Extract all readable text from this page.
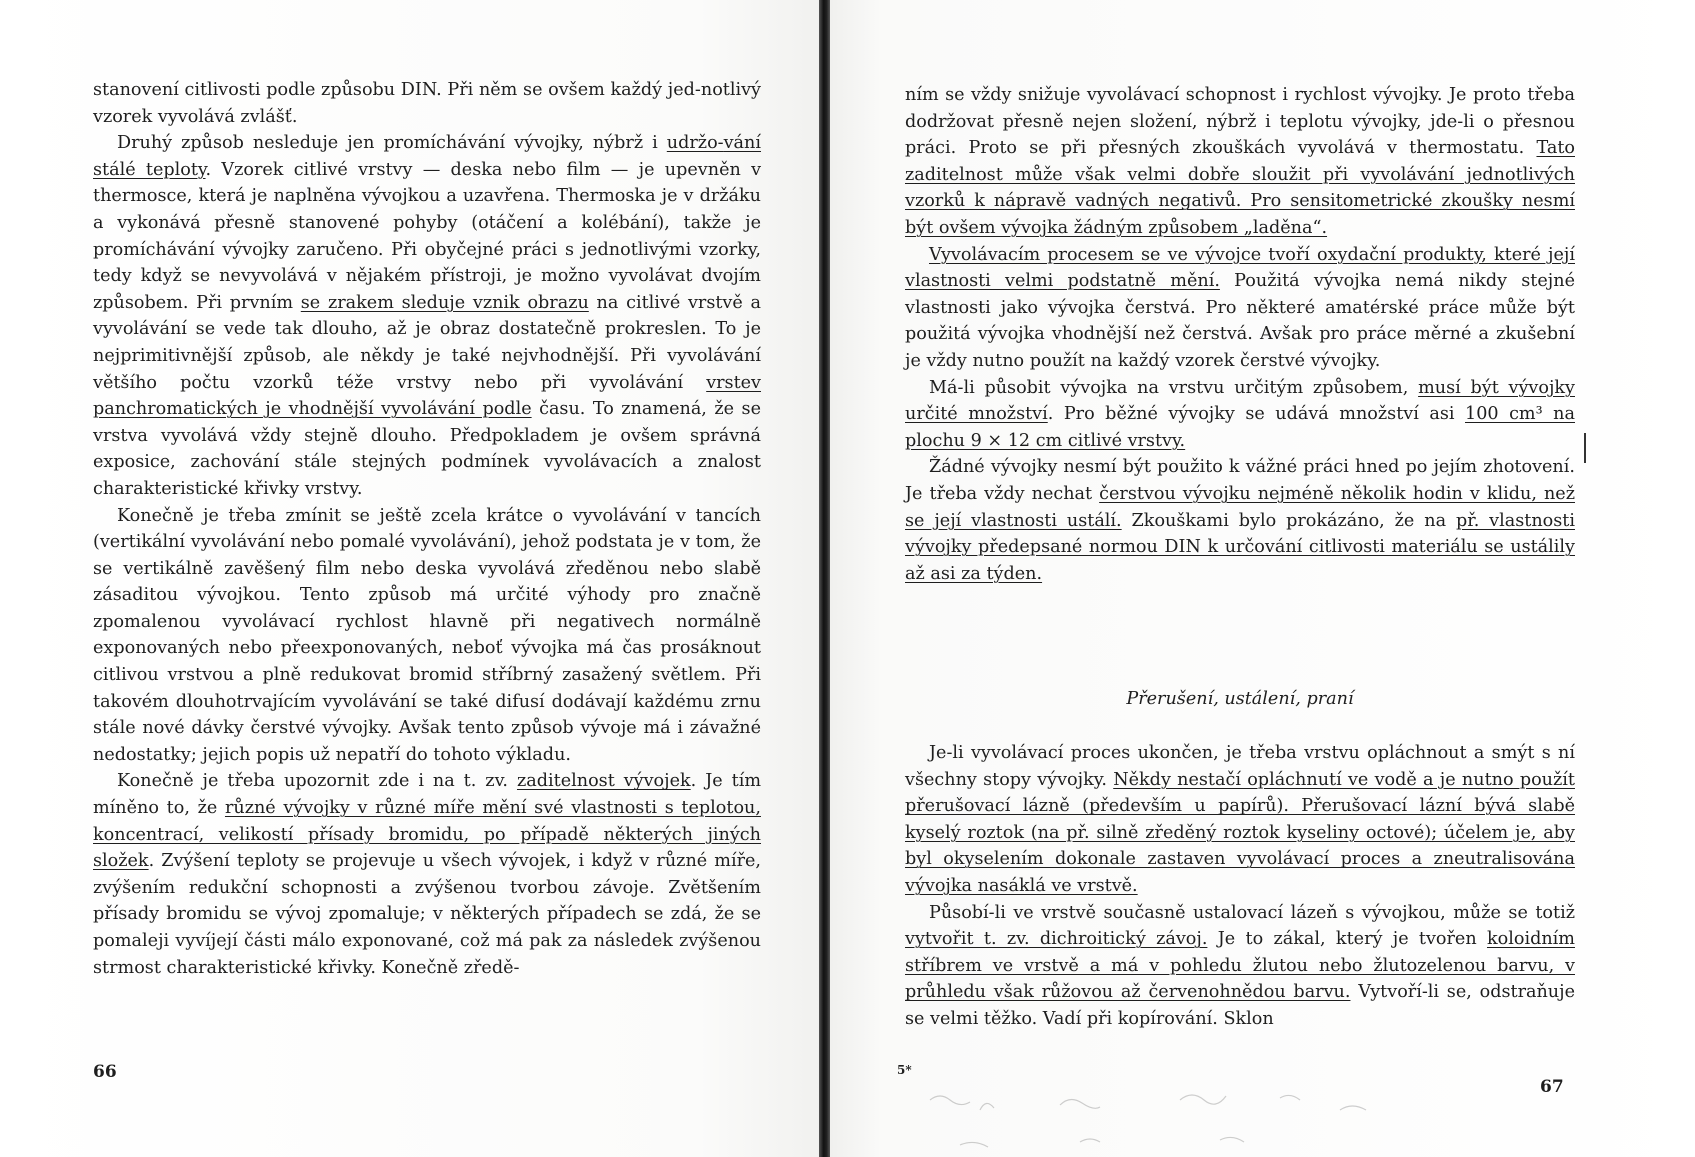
stanovení citlivosti podle způsobu DIN. Při něm se ovšem každý jed-notlivý vzorek vyvolává zvlášť.

Druhý způsob nesleduje jen promíchávání vývojky, nýbrž i udržo-vání stálé teploty. Vzorek citlivé vrstvy — deska nebo film — je upevněn v thermosce, která je naplněna vývojkou a uzavřena. Thermoska je v držáku a vykonává přesně stanovené pohyby (otáčení a kolébání), takže je promíchávání vývojky zaručeno. Při obyčejné práci s jednotlivými vzorky, tedy když se nevyvolává v nějakém přístroji, je možno vyvolávat dvojím způsobem. Při prvním se zrakem sleduje vznik obrazu na citlivé vrstvě a vyvolávání se vede tak dlouho, až je obraz dostatečně prokreslen. To je nejprimitivnější způsob, ale někdy je také nejvhodnější. Při vyvolávání většího počtu vzorků téže vrstvy nebo při vyvolávání vrstev panchromatických je vhodnější vyvolávání podle času. To znamená, že se vrstva vyvolává vždy stejně dlouho. Předpokladem je ovšem správná exposice, zachování stále stejných podmínek vyvolávacích a znalost charakteristické křivky vrstvy.

Konečně je třeba zmínit se ještě zcela krátce o vyvolávání v tancích (vertikální vyvolávání nebo pomalé vyvolávání), jehož podstata je v tom, že se vertikálně zavěšený film nebo deska vyvolává zředěnou nebo slabě zásaditou vývojkou. Tento způsob má určité výhody pro značně zpomalenou vyvolávací rychlost hlavně při negativech normálně exponovaných nebo přeexponovaných, neboť vývojka má čas prosáknout citlivou vrstvou a plně redukovat bromid stříbrný zasažený světlem. Při takovém dlouhotrvajícím vyvolávání se také difusí dodávají každému zrnu stále nové dávky čerstvé vývojky. Avšak tento způsob vývoje má i závažné nedostatky; jejich popis už nepatří do tohoto výkladu.

Konečně je třeba upozornit zde i na t. zv. zaditelnost vývojek. Je tím míněno to, že různé vývojky v různé míře mění své vlastnosti s teplotou, koncentrací, velikostí přísady bromidu, po případě některých jiných složek. Zvýšení teploty se projevuje u všech vývojek, i když v různé míře, zvýšením redukční schopnosti a zvýšenou tvorbou závoje. Zvětšením přísady bromidu se vývoj zpomaluje; v některých případech se zdá, že se pomaleji vyvíjejí části málo exponované, což má pak za následek zvýšenou strmost charakteristické křivky. Konečně zředě-

66

ním se vždy snižuje vyvolávací schopnost i rychlost vývojky. Je proto třeba dodržovat přesně nejen složení, nýbrž i teplotu vývojky, jde-li o přesnou práci. Proto se při přesných zkouškách vyvolává v thermostatu. Tato zaditelnost může však velmi dobře sloužit při vyvolávání jednotlivých vzorků k nápravě vadných negativů. Pro sensitometrické zkoušky nesmí být ovšem vývojka žádným způsobem „laděna“.

Vyvolávacím procesem se ve vývojce tvoří oxydační produkty, které její vlastnosti velmi podstatně mění. Použitá vývojka nemá nikdy stejné vlastnosti jako vývojka čerstvá. Pro některé amatérské práce může být použitá vývojka vhodnější než čerstvá. Avšak pro práce měrné a zkušební je vždy nutno použít na každý vzorek čerstvé vývojky.

Má-li působit vývojka na vrstvu určitým způsobem, musí být vývojky určité množství. Pro běžné vývojky se udává množství asi 100 cm³ na plochu 9 × 12 cm citlivé vrstvy.

Žádné vývojky nesmí být použito k vážné práci hned po jejím zhotovení. Je třeba vždy nechat čerstvou vývojku nejméně několik hodin v klidu, než se její vlastnosti ustálí. Zkouškami bylo prokázáno, že na př. vlastnosti vývojky předepsané normou DIN k určování citlivosti materiálu se ustálily až asi za týden.

Přerušení, ustálení, praní

Je-li vyvolávací proces ukončen, je třeba vrstvu opláchnout a smýt s ní všechny stopy vývojky. Někdy nestačí opláchnutí ve vodě a je nutno použít přerušovací lázně (především u papírů). Přerušovací lázní bývá slabě kyselý roztok (na př. silně zředěný roztok kyseliny octové); účelem je, aby byl okyselením dokonale zastaven vyvolávací proces a zneutralisována vývojka nasáklá ve vrstvě.

Působí-li ve vrstvě současně ustalovací lázeň s vývojkou, může se totiž vytvořit t. zv. dichroitický závoj. Je to zákal, který je tvořen koloidním stříbrem ve vrstvě a má v pohledu žlutou nebo žlutozelenou barvu, v průhledu však růžovou až červenohnědou barvu. Vytvoří-li se, odstraňuje se velmi těžko. Vadí při kopírování. Sklon

5*
67
